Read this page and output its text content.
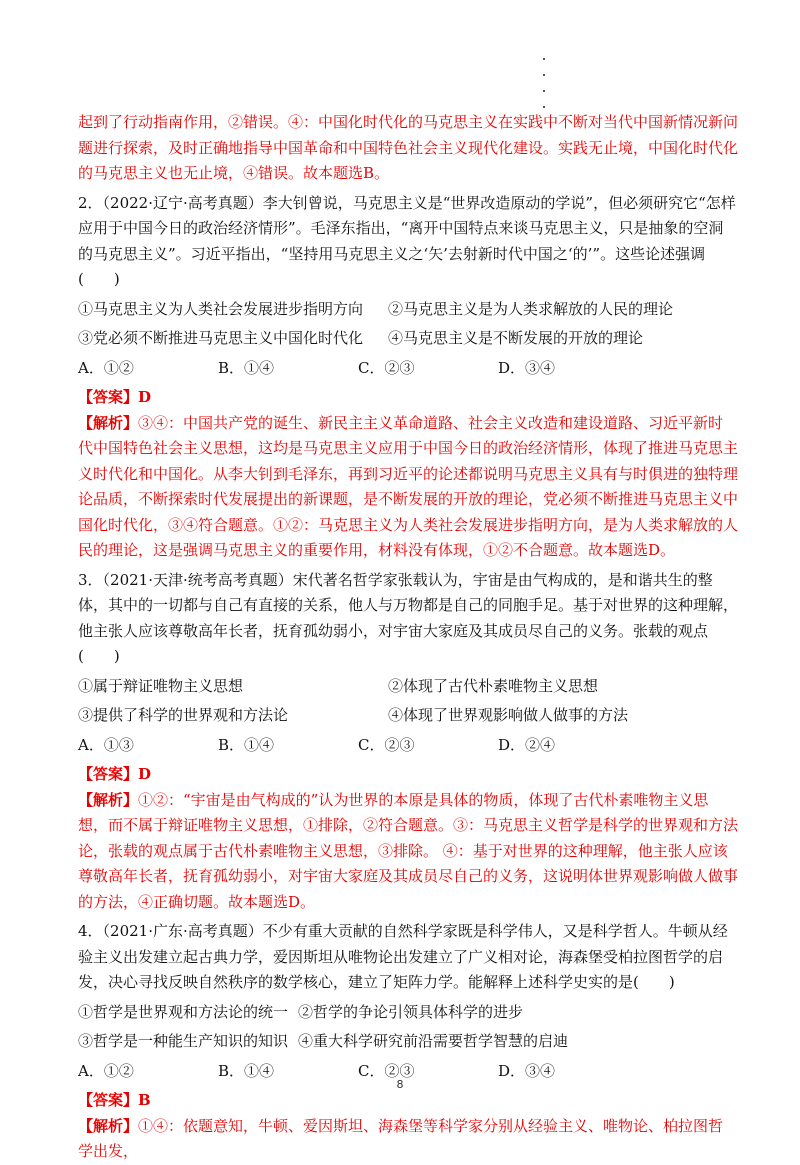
起到了行动指南作用，②错误。④：中国化时代化的马克思主义在实践中不断对当代中国新情况新问题进行探索，及时正确地指导中国革命和中国特色社会主义现代化建设。实践无止境，中国化时代化的马克思主义也无止境，④错误。故本题选B。

2．（2022·辽宁·高考真题）李大钊曾说，马克思主义是“世界改造原动的学说”，但必须研究它“怎样应用于中国今日的政治经济情形”。毛泽东指出，“离开中国特点来谈马克思主义，只是抽象的空洞的马克思主义”。习近平指出，“坚持用马克思主义之‘矢’去射新时代中国之‘的’”。这些论述强调(　　)

①马克思主义为人类社会发展进步指明方向	②马克思主义是为人类求解放的人民的理论
③党必须不断推进马克思主义中国化时代化	④马克思主义是不断发展的开放的理论
A．①②	B．①④	C．②③	D．③④

【答案】D

【解析】③④：中国共产党的诞生、新民主主义革命道路、社会主义改造和建设道路、习近平新时代中国特色社会主义思想，这均是马克思主义应用于中国今日的政治经济情形，体现了推进马克思主义时代化和中国化。从李大钊到毛泽东，再到习近平的论述都说明马克思主义具有与时俱进的独特理论品质，不断探索时代发展提出的新课题，是不断发展的开放的理论，党必须不断推进马克思主义中国化时代化，③④符合题意。①②：马克思主义为人类社会发展进步指明方向，是为人类求解放的人民的理论，这是强调马克思主义的重要作用，材料没有体现，①②不合题意。故本题选D。

3．（2021·天津·统考高考真题）宋代著名哲学家张载认为，宇宙是由气构成的，是和谐共生的整体，其中的一切都与自己有直接的关系，他人与万物都是自己的同胞手足。基于对世界的这种理解，他主张人应该尊敬高年长者，抚育孤幼弱小，对宇宙大家庭及其成员尽自己的义务。张载的观点(　　)

①属于辩证唯物主义思想	②体现了古代朴素唯物主义思想
③提供了科学的世界观和方法论	④体现了世界观影响做人做事的方法
A．①③	B．①④	C．②③	D．②④

【答案】D

【解析】①②：“宇宙是由气构成的”认为世界的本原是具体的物质，体现了古代朴素唯物主义思想，而不属于辩证唯物主义思想，①排除，②符合题意。③：马克思主义哲学是科学的世界观和方法论，张载的观点属于古代朴素唯物主义思想，③排除。 ④：基于对世界的这种理解，他主张人应该尊敬高年长者，抚育孤幼弱小，对宇宙大家庭及其成员尽自己的义务，这说明体世界观影响做人做事的方法，④正确切题。故本题选D。

4．（2021·广东·高考真题）不少有重大贡献的自然科学家既是科学伟人，又是科学哲人。牛顿从经验主义出发建立起古典力学，爱因斯坦从唯物论出发建立了广义相对论，海森堡受柏拉图哲学的启发，决心寻找反映自然秩序的数学核心，建立了矩阵力学。能解释上述科学史实的是(　　)

①哲学是世界观和方法论的统一 ②哲学的争论引领具体科学的进步
③哲学是一种能生产知识的知识 ④重大科学研究前沿需要哲学智慧的启迪
A．①②	B．①④	C．②③	D．③④

【答案】B

【解析】①④：依题意知，牛顿、爱因斯坦、海森堡等科学家分别从经验主义、唯物论、柏拉图哲学出发，

8
